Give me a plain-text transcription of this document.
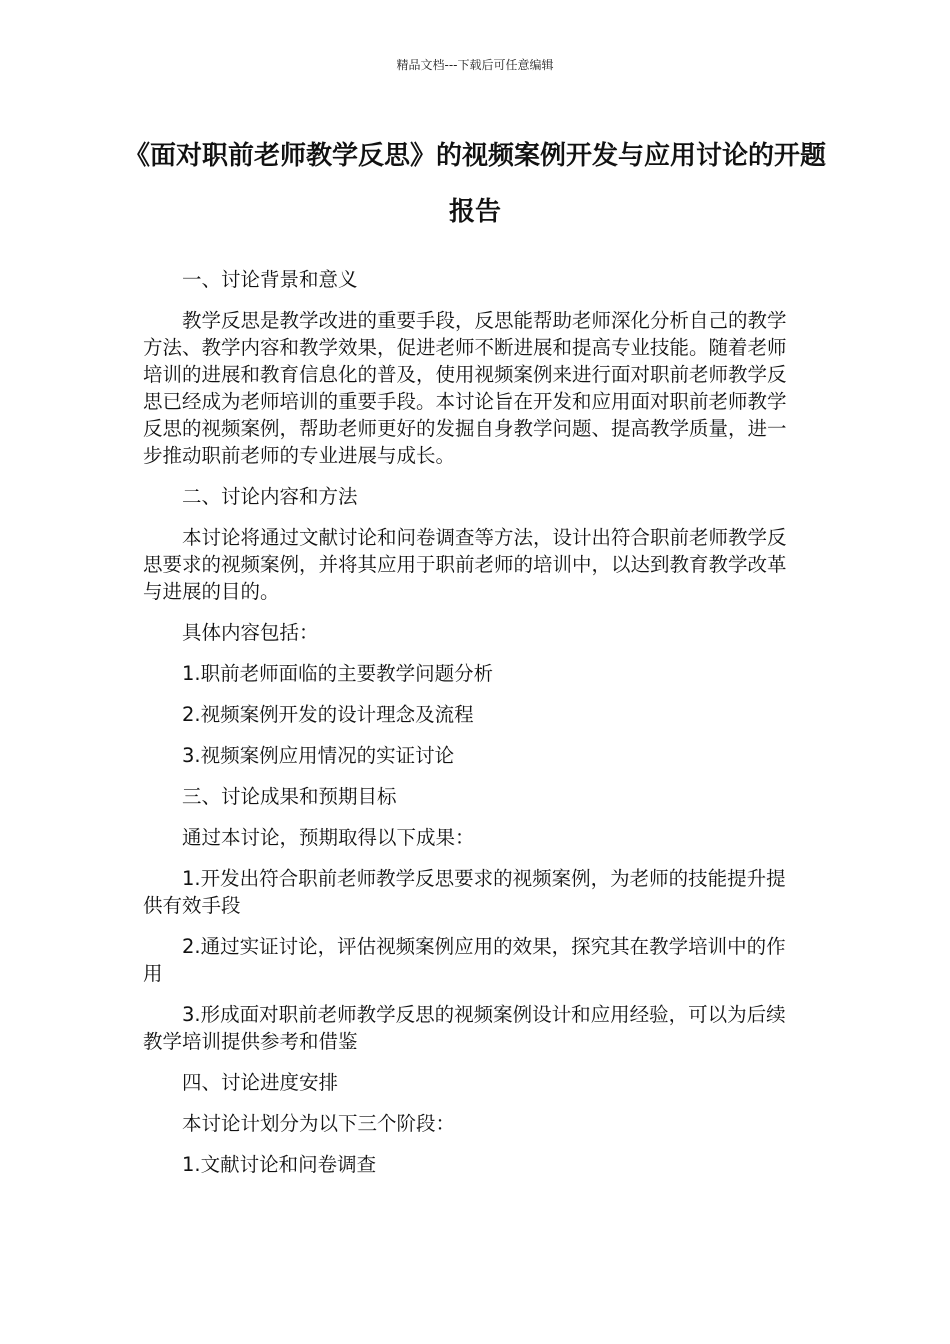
精品文档---下载后可任意编辑
《面对职前老师教学反思》的视频案例开发与应用讨论的开题报告

一、讨论背景和意义

教学反思是教学改进的重要手段，反思能帮助老师深化分析自己的教学方法、教学内容和教学效果，促进老师不断进展和提高专业技能。随着老师培训的进展和教育信息化的普及，使用视频案例来进行面对职前老师教学反思已经成为老师培训的重要手段。本讨论旨在开发和应用面对职前老师教学反思的视频案例，帮助老师更好的发掘自身教学问题、提高教学质量，进一步推动职前老师的专业进展与成长。

二、讨论内容和方法

本讨论将通过文献讨论和问卷调查等方法，设计出符合职前老师教学反思要求的视频案例，并将其应用于职前老师的培训中，以达到教育教学改革与进展的目的。

具体内容包括：

1.职前老师面临的主要教学问题分析

2.视频案例开发的设计理念及流程

3.视频案例应用情况的实证讨论

三、讨论成果和预期目标

通过本讨论，预期取得以下成果：

1.开发出符合职前老师教学反思要求的视频案例，为老师的技能提升提供有效手段

2.通过实证讨论，评估视频案例应用的效果，探究其在教学培训中的作用

3.形成面对职前老师教学反思的视频案例设计和应用经验，可以为后续教学培训提供参考和借鉴

四、讨论进度安排

本讨论计划分为以下三个阶段：

1.文献讨论和问卷调查
